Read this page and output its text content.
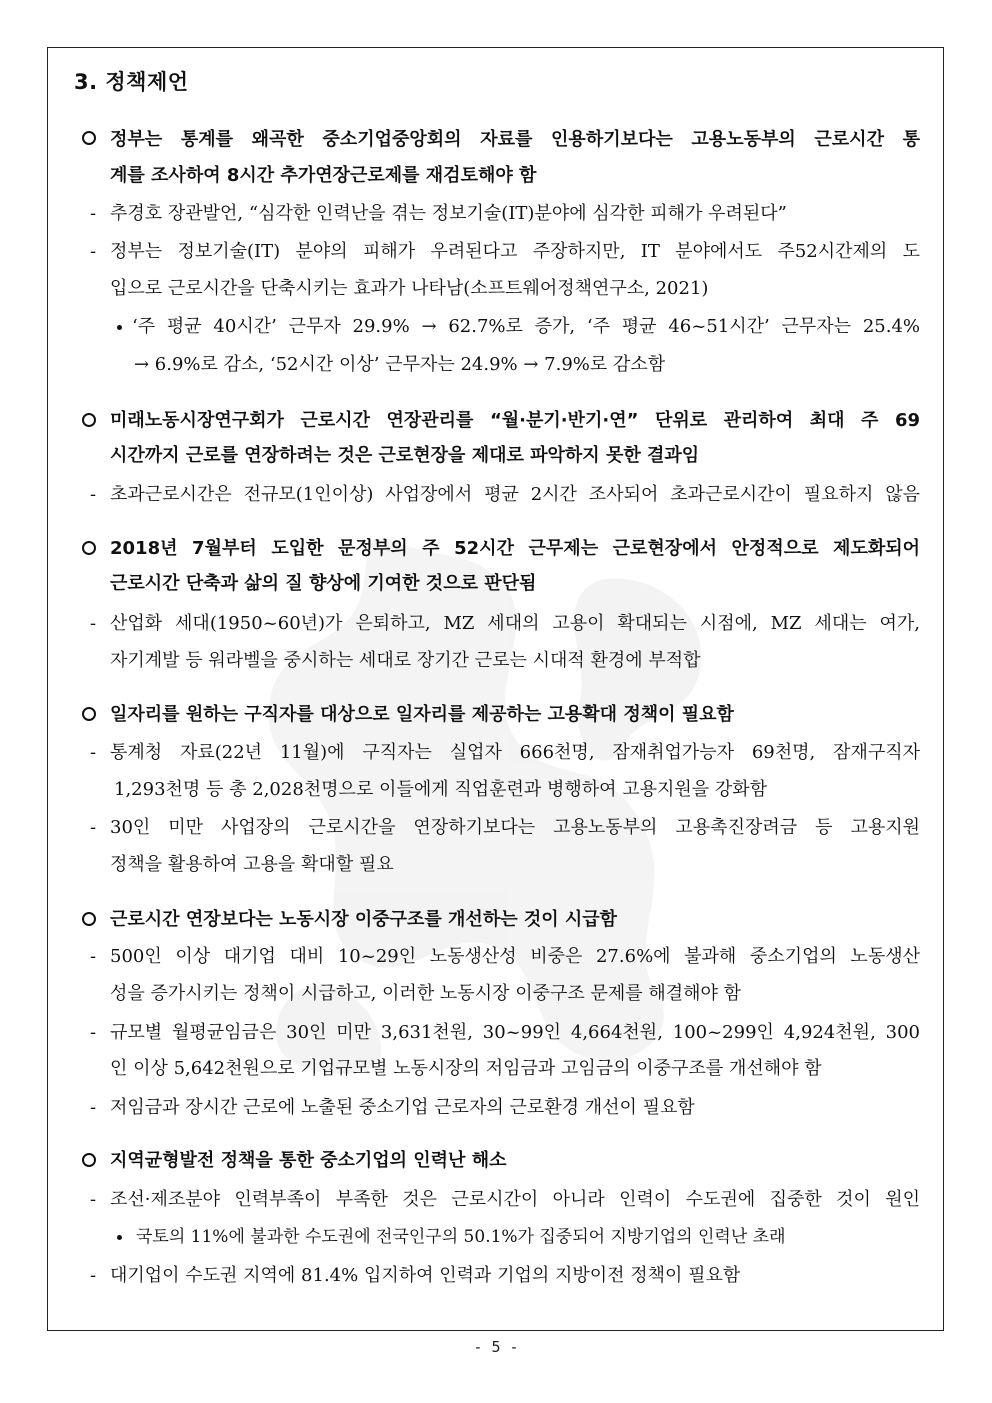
3. 정책제언
정부는 통계를 왜곡한 중소기업중앙회의 자료를 인용하기보다는 고용노동부의 근로시간 통
계를 조사하여 8시간 추가연장근로제를 재검토해야 함
- 추경호 장관발언, “심각한 인력난을 겪는 정보기술(IT)분야에 심각한 피해가 우려된다”
- 정부는 정보기술(IT) 분야의 피해가 우려된다고 주장하지만, IT 분야에서도 주52시간제의 도
입으로 근로시간을 단축시키는 효과가 나타남(소프트웨어정책연구소, 2021)
‘주 평균 40시간’ 근무자 29.9% → 62.7%로 증가, ‘주 평균 46~51시간’ 근무자는 25.4%
→ 6.9%로 감소, ‘52시간 이상’ 근무자는 24.9% → 7.9%로 감소함
미래노동시장연구회가 근로시간 연장관리를 “월·분기·반기·연” 단위로 관리하여 최대 주 69
시간까지 근로를 연장하려는 것은 근로현장을 제대로 파악하지 못한 결과임
- 초과근로시간은 전규모(1인이상) 사업장에서 평균 2시간 조사되어 초과근로시간이 필요하지 않음
2018년 7월부터 도입한 문정부의 주 52시간 근무제는 근로현장에서 안정적으로 제도화되어
근로시간 단축과 삶의 질 향상에 기여한 것으로 판단됨
- 산업화 세대(1950~60년)가 은퇴하고, MZ 세대의 고용이 확대되는 시점에, MZ 세대는 여가,
자기계발 등 워라벨을 중시하는 세대로 장기간 근로는 시대적 환경에 부적합
일자리를 원하는 구직자를 대상으로 일자리를 제공하는 고용확대 정책이 필요함
- 통계청 자료(22년 11월)에 구직자는 실업자 666천명, 잠재취업가능자 69천명, 잠재구직자
1,293천명 등 총 2,028천명으로 이들에게 직업훈련과 병행하여 고용지원을 강화함
- 30인 미만 사업장의 근로시간을 연장하기보다는 고용노동부의 고용촉진장려금 등 고용지원
정책을 활용하여 고용을 확대할 필요
근로시간 연장보다는 노동시장 이중구조를 개선하는 것이 시급함
- 500인 이상 대기업 대비 10~29인 노동생산성 비중은 27.6%에 불과해 중소기업의 노동생산
성을 증가시키는 정책이 시급하고, 이러한 노동시장 이중구조 문제를 해결해야 함
- 규모별 월평균임금은 30인 미만 3,631천원, 30~99인 4,664천원, 100~299인 4,924천원, 300
인 이상 5,642천원으로 기업규모별 노동시장의 저임금과 고임금의 이중구조를 개선해야 함
- 저임금과 장시간 근로에 노출된 중소기업 근로자의 근로환경 개선이 필요함
지역균형발전 정책을 통한 중소기업의 인력난 해소
- 조선·제조분야 인력부족이 부족한 것은 근로시간이 아니라 인력이 수도권에 집중한 것이 원인
국토의 11%에 불과한 수도권에 전국인구의 50.1%가 집중되어 지방기업의 인력난 초래
- 대기업이 수도권 지역에 81.4% 입지하여 인력과 기업의 지방이전 정책이 필요함
- 5 -
